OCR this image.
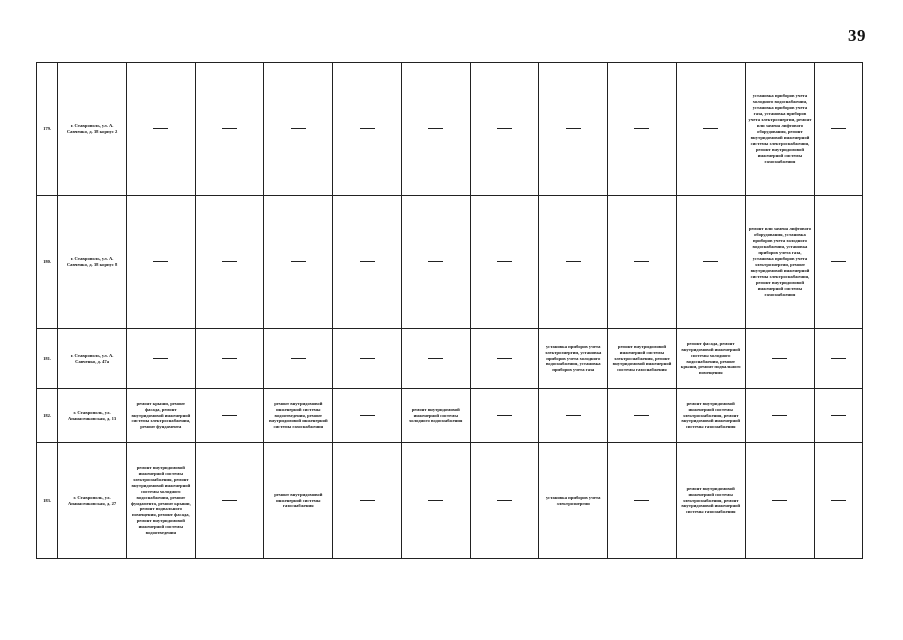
39
179.	г. Ставрополь, ул. А. Савченко, д. 38 корпус 2										установка приборов учета холодного водоснабжения, установка приборов учета газа, установка приборов учета электроэнергии, ремонт или замена лифтового оборудования, ремонт внутридомовой инженерной системы электроснабжения, ремонт внутридомовой инженерной системы газоснабжения	
180.	г. Ставрополь, ул. А. Савченко, д. 38 корпус 8										ремонт или замена лифтового оборудования, установка приборов учета холодного водоснабжения, установка приборов учета газа, установка приборов учета электроэнергии, ремонт внутридомовой инженерной системы электроснабжения, ремонт внутридомовой инженерной системы газоснабжения	
181.	г. Ставрополь, ул. А. Савченко, д. 47а							установка приборов учета электроэнергии, установка приборов учета холодного водоснабжения, установка приборов учета газа	ремонт внутридомовой инженерной системы электроснабжения, ремонт внутридомовой инженерной системы газоснабжения	ремонт фасада, ремонт внутридомовой инженерной системы холодного водоснабжения, ремонт крыши, ремонт подвального помещения		
182.	г. Ставрополь, ул. Апанасенковская, д. 13	ремонт крыши, ремонт фасада, ремонт внутридомовой инженерной системы электроснабжения, ремонт фундамента		ремонт внутридомовой инженерной системы водоотведения, ремонт внутридомовой инженерной системы газоснабжения		ремонт внутридомовой инженерной системы холодного водоснабжения				ремонт внутридомовой инженерной системы электроснабжения, ремонт внутридомовой инженерной системы газоснабжения		
183.	г. Ставрополь, ул. Апанасенковская, д. 27	ремонт внутридомовой инженерной системы электроснабжения, ремонт внутридомовой инженерной системы холодного водоснабжения, ремонт фундамента, ремонт крыши, ремонт подвального помещения, ремонт фасада, ремонт внутридомовой инженерной системы водоотведения		ремонт внутридомовой инженерной системы газоснабжения				установка приборов учета электроэнергии		ремонт внутридомовой инженерной системы электроснабжения, ремонт внутридомовой инженерной системы газоснабжения		
